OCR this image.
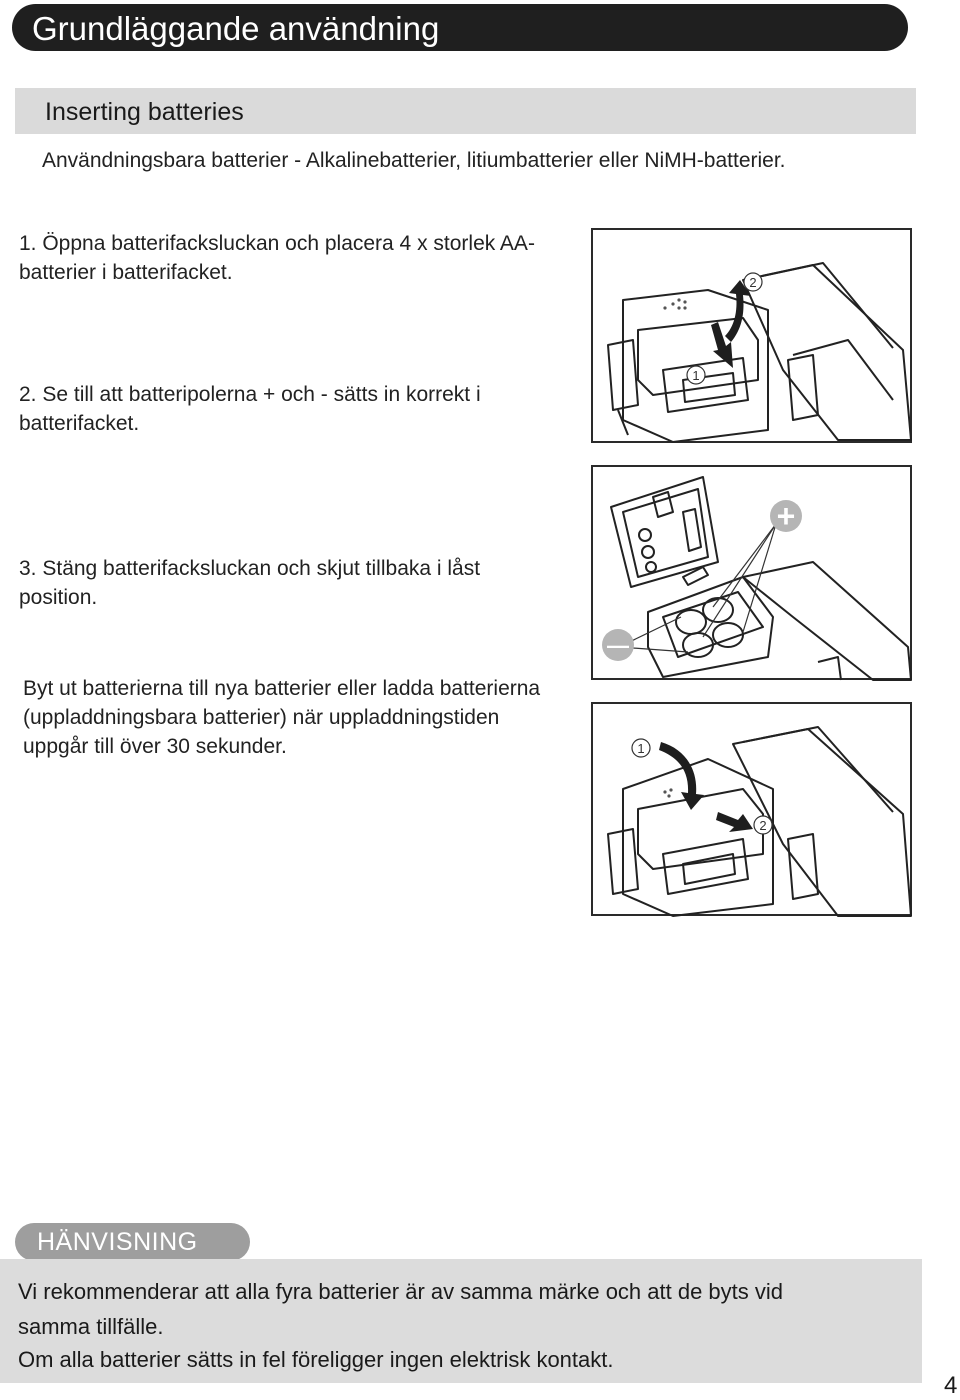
Grundläggande användning
Inserting batteries
Användningsbara batterier - Alkalinebatterier, litiumbatterier eller NiMH-batterier.
1. Öppna batterifacksluckan och placera 4 x storlek AA-batterier i batterifacket.
2. Se till att batteripolerna + och - sätts in korrekt i batterifacket.
3. Stäng batterifacksluckan och skjut tillbaka i låst position.
Byt ut batterierna till nya batterier eller ladda batterierna (uppladdningsbara batterier) när uppladdningstiden uppgår till över 30 sekunder.
1
2
+
—
1
2
HÄNVISNING
Vi rekommenderar att alla fyra batterier är av samma märke och att de byts vid
samma tillfälle.
Om alla batterier sätts in fel föreligger ingen elektrisk kontakt.
4
